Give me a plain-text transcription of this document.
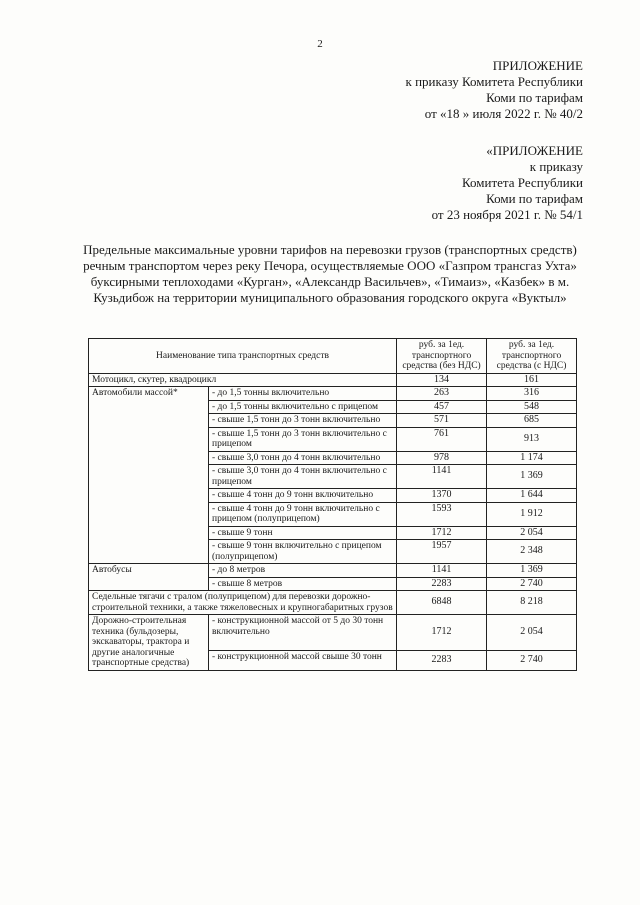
2
ПРИЛОЖЕНИЕ
к приказу Комитета Республики
Коми по тарифам
от «18 » июля 2022 г. № 40/2
«ПРИЛОЖЕНИЕ
к приказу
Комитета Республики
Коми по тарифам
от 23 ноября 2021 г. № 54/1
Предельные максимальные уровни тарифов на перевозки грузов (транспортных средств) речным транспортом через реку Печора, осуществляемые ООО «Газпром трансгаз Ухта» буксирными теплоходами «Курган», «Александр Васильчев», «Тимаиз», «Казбек» в м. Кузьдибож на территории муниципального образования городского округа «Вуктыл»
Наименование типа транспортных средств		руб. за 1ед. транспортного средства (без НДС)	руб. за 1ед. транспортного средства (с НДС)
Мотоцикл, скутер, квадроцикл		134	161
Автомобили массой*	- до 1,5 тонны включительно	263	316
	- до 1,5 тонны включительно с прицепом	457	548
	- свыше 1,5 тонн до 3 тонн включительно	571	685
	- свыше 1,5 тонн до 3 тонн включительно с прицепом	761	913
	- свыше 3,0 тонн до 4 тонн включительно	978	1 174
	- свыше 3,0 тонн до 4 тонн включительно с прицепом	1141	1 369
	- свыше 4 тонн до 9 тонн включительно	1370	1 644
	- свыше 4 тонн до 9 тонн включительно с прицепом (полуприцепом)	1593	1 912
	- свыше 9 тонн	1712	2 054
	- свыше 9 тонн включительно с прицепом (полуприцепом)	1957	2 348
Автобусы	- до 8 метров	1141	1 369
	- свыше 8 метров	2283	2 740
Седельные тягачи с тралом (полуприцепом) для перевозки дорожно-строительной техники, а также тяжеловесных и крупногабаритных грузов		6848	8 218
Дорожно-строительная техника (бульдозеры, экскаваторы, трактора и другие аналогичные транспортные средства)	- конструкционной массой от 5 до 30 тонн включительно	1712	2 054
	- конструкционной массой свыше 30 тонн	2283	2 740
